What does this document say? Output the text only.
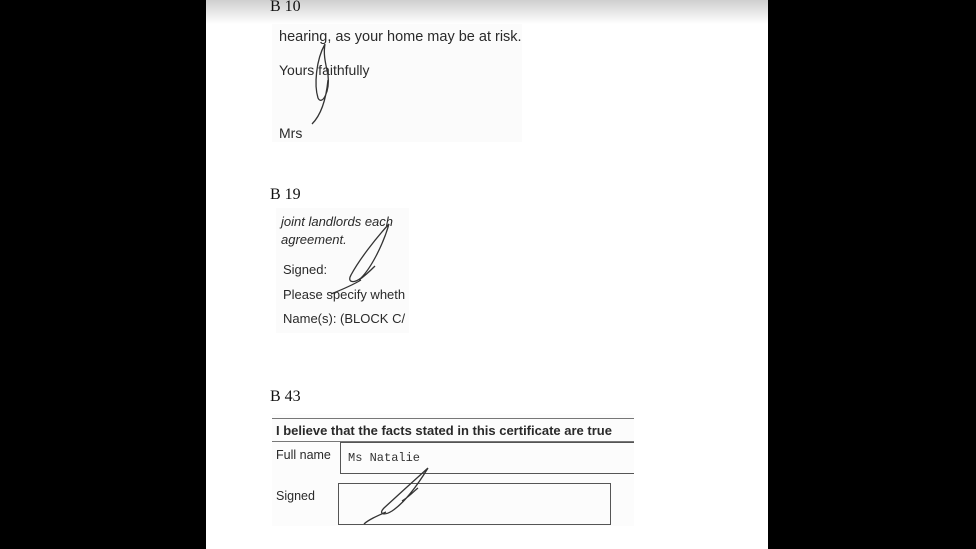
B 10
hearing, as your home may be at risk.
Yours faithfully
Mrs
B 19
joint landlords each
agreement.
Signed:
Please specify wheth
Name(s): (BLOCK C/
B 43
I believe that the facts stated in this certificate are true
Full name Ms Natalie
Signed
